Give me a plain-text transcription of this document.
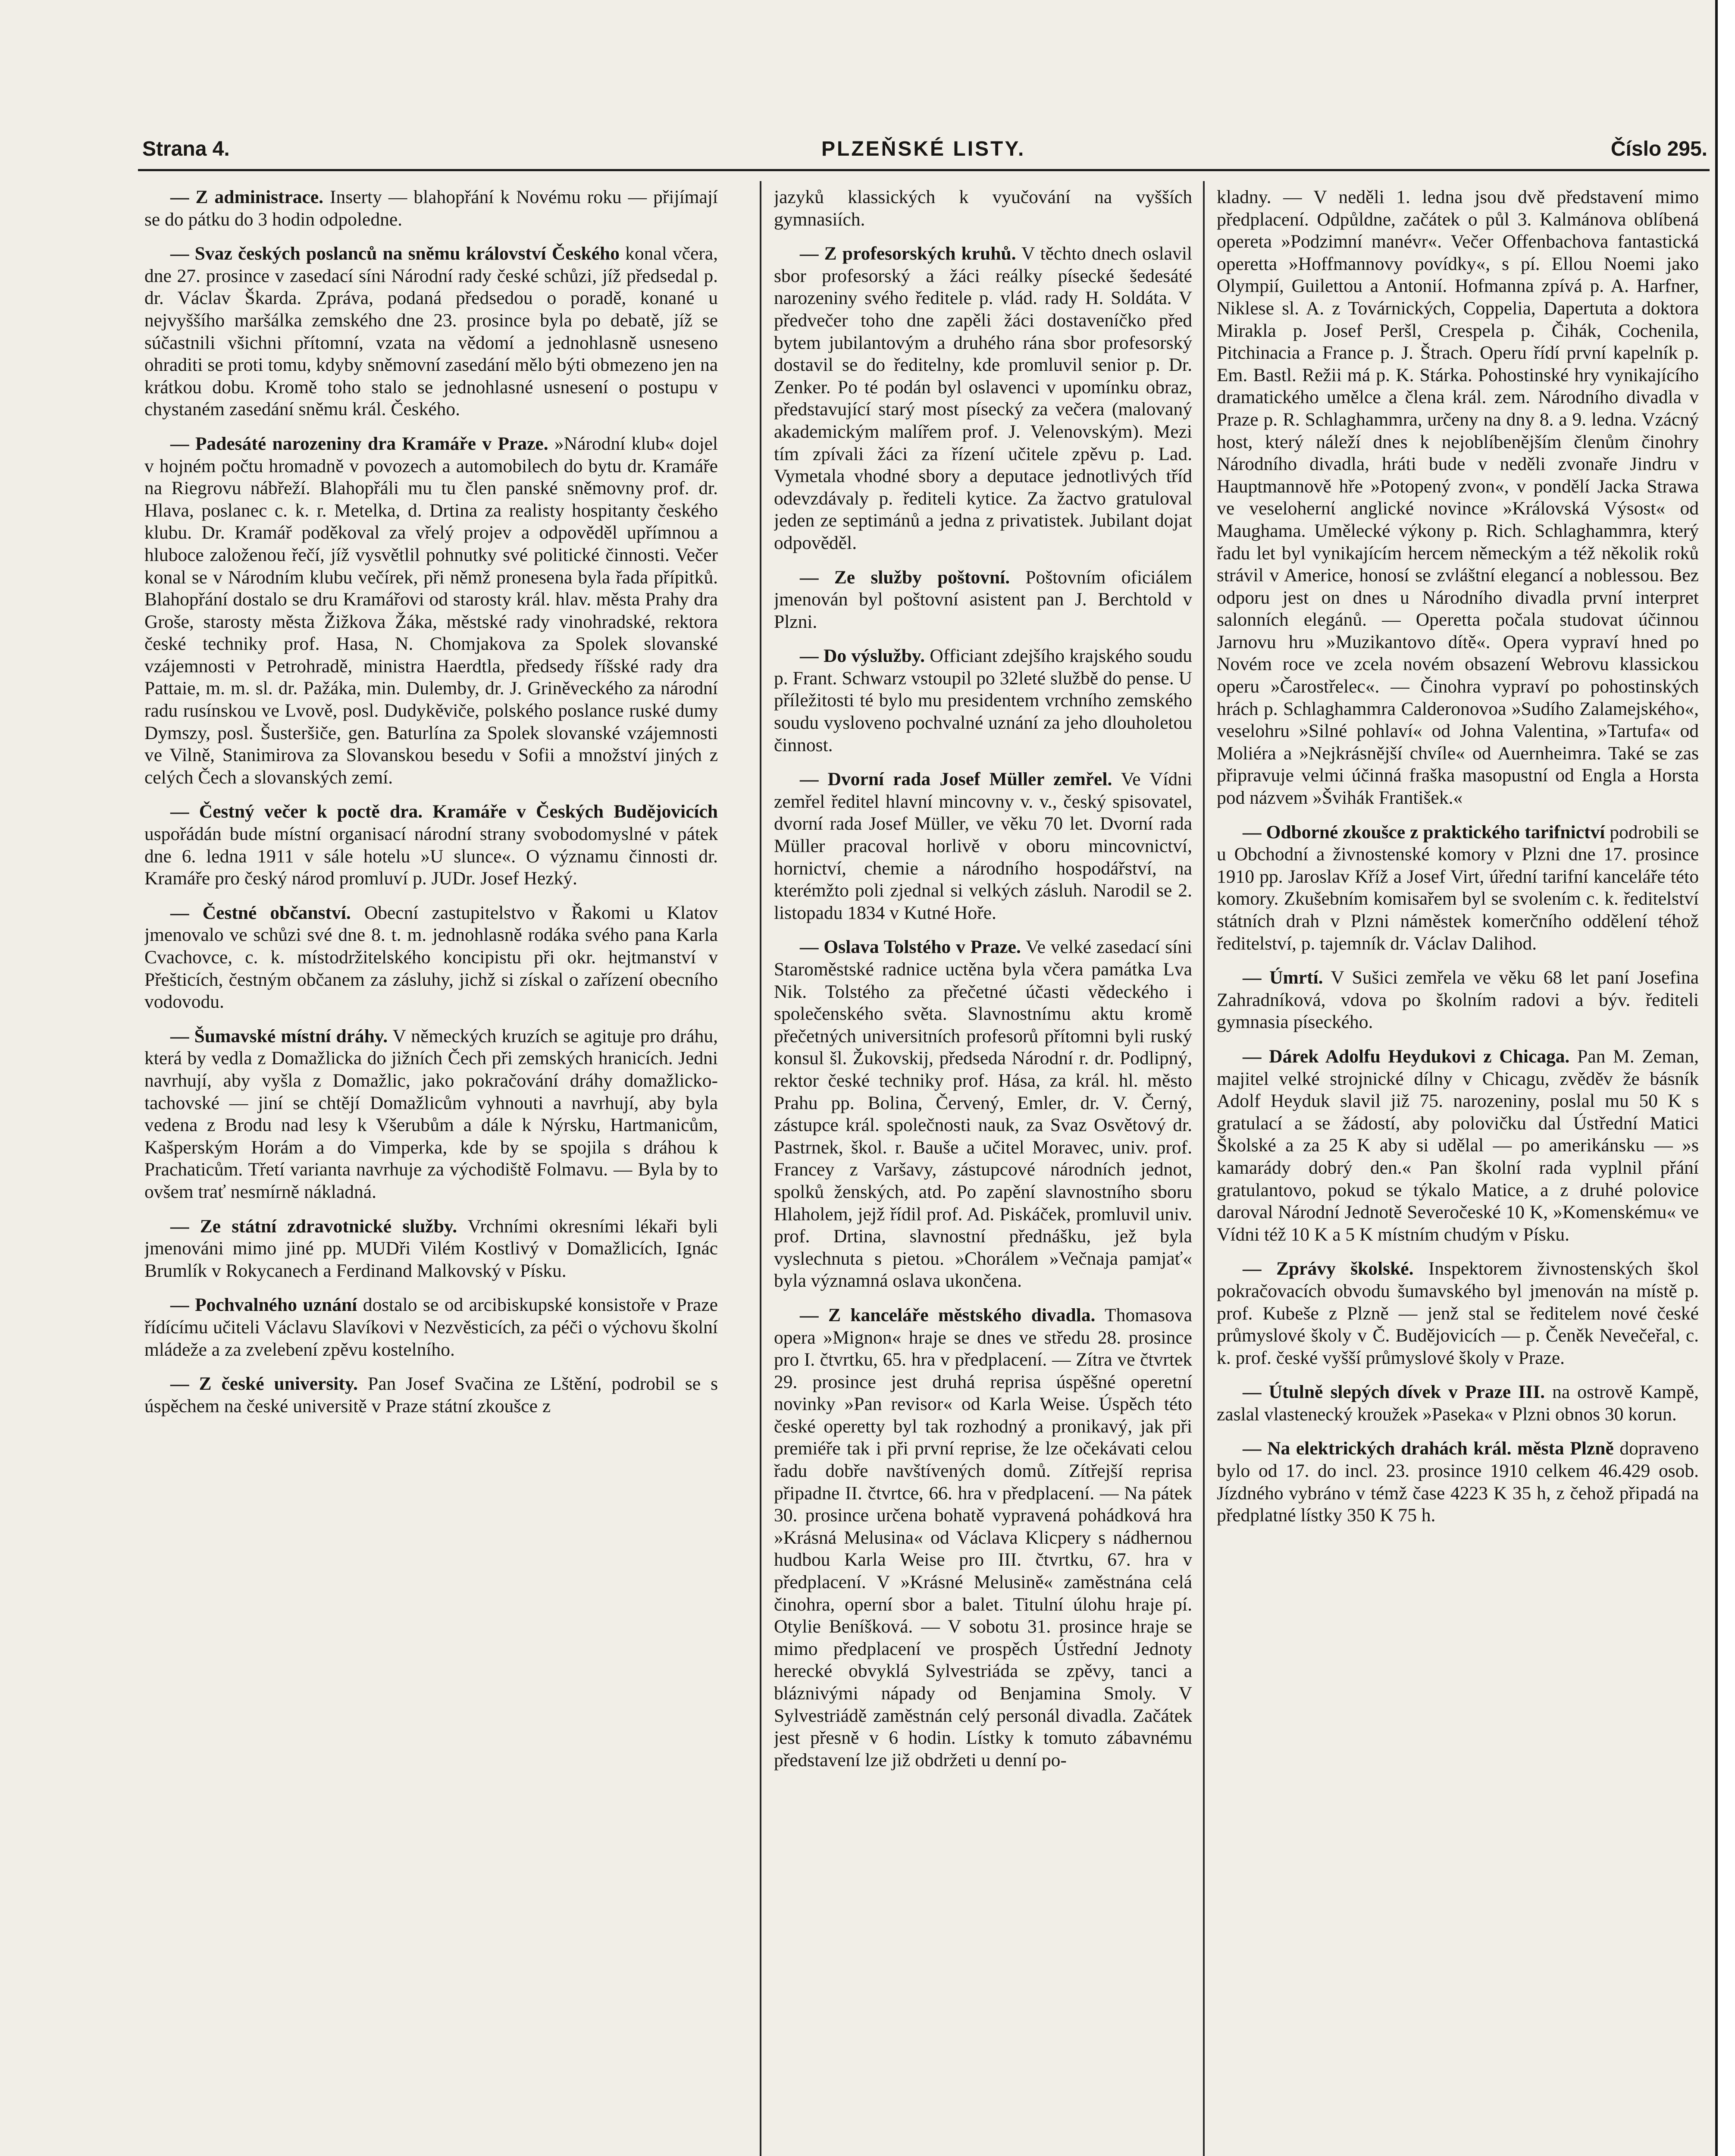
Strana 4.	PLZEŇSKÉ LISTY.	Číslo 295.

— Z administrace. Inserty — blahopřání k Novému roku — přijímají se do pátku do 3 hodin odpoledne.

— Svaz českých poslanců na sněmu království Českého konal včera, dne 27. prosince v zasedací síni Národní rady české schůzi, jíž předsedal p. dr. Václav Škarda. Zpráva, podaná předsedou o poradě, konané u nejvyššího maršálka zemského dne 23. prosince byla po debatě, jíž se súčastnili všichni přítomní, vzata na vědomí a jednohlasně usneseno ohraditi se proti tomu, kdyby sněmovní zasedání mělo býti obmezeno jen na krátkou dobu. Kromě toho stalo se jednohlasné usnesení o postupu v chystaném zasedání sněmu král. Českého.

— Padesáté narozeniny dra Kramáře v Praze. »Národní klub« dojel v hojném počtu hromadně v povozech a automobilech do bytu dr. Kramáře na Riegrovu nábřeží. Blahopřáli mu tu člen panské sněmovny prof. dr. Hlava, poslanec c. k. r. Metelka, d. Drtina za realisty hospitanty českého klubu. Dr. Kramář poděkoval za vřelý projev a odpověděl upřímnou a hluboce založenou řečí, jíž vysvětlil pohnutky své politické činnosti. Večer konal se v Národním klubu večírek, při němž pronesena byla řada přípitků. Blahopřání dostalo se dru Kramářovi od starosty král. hlav. města Prahy dra Groše, starosty města Žižkova Žáka, městské rady vinohradské, rektora české techniky prof. Hasa, N. Chomjakova za Spolek slovanské vzájemnosti v Petrohradě, ministra Haerdtla, předsedy říšské rady dra Pattaie, m. m. sl. dr. Pažáka, min. Dulemby, dr. J. Griněveckého za národní radu rusínskou ve Lvově, posl. Dudykěviče, polského poslance ruské dumy Dymszy, posl. Šusteršiče, gen. Baturlína za Spolek slovanské vzájemnosti ve Vilně, Stanimirova za Slovanskou besedu v Sofii a množství jiných z celých Čech a slovanských zemí.

— Čestný večer k poctě dra. Kramáře v Českých Budějovicích uspořádán bude místní organisací národní strany svobodomyslné v pátek dne 6. ledna 1911 v sále hotelu »U slunce«. O významu činnosti dr. Kramáře pro český národ promluví p. JUDr. Josef Hezký.

— Čestné občanství. Obecní zastupitelstvo v Řakomi u Klatov jmenovalo ve schůzi své dne 8. t. m. jednohlasně rodáka svého pana Karla Cvachovce, c. k. místodržitelského koncipistu při okr. hejtmanství v Přešticích, čestným občanem za zásluhy, jichž si získal o zařízení obecního vodovodu.

— Šumavské místní dráhy. V německých kruzích se agituje pro dráhu, která by vedla z Domažlicka do jižních Čech při zemských hranicích. Jedni navrhují, aby vyšla z Domažlic, jako pokračování dráhy domažlicko-tachovské — jiní se chtějí Domažlicům vyhnouti a navrhují, aby byla vedena z Brodu nad lesy k Všerubům a dále k Nýrsku, Hartmanicům, Kašperským Horám a do Vimperka, kde by se spojila s dráhou k Prachaticům. Třetí varianta navrhuje za východiště Folmavu. — Byla by to ovšem trať nesmírně nákladná.

— Ze státní zdravotnické služby. Vrchními okresními lékaři byli jmenováni mimo jiné pp. MUDři Vilém Kostlivý v Domažlicích, Ignác Brumlík v Rokycanech a Ferdinand Malkovský v Písku.

— Pochvalného uznání dostalo se od arcibiskupské konsistoře v Praze řídícímu učiteli Václavu Slavíkovi v Nezvěsticích, za péči o výchovu školní mládeže a za zvelebení zpěvu kostelního.

— Z české university. Pan Josef Svačina ze Lštění, podrobil se s úspěchem na české universitě v Praze státní zkoušce z

jazyků klassických k vyučování na vyšších gymnasiích.

— Z profesorských kruhů. V těchto dnech oslavil sbor profesorský a žáci reálky písecké šedesáté narozeniny svého ředitele p. vlád. rady H. Soldáta. V předvečer toho dne zapěli žáci dostaveníčko před bytem jubilantovým a druhého rána sbor profesorský dostavil se do ředitelny, kde promluvil senior p. Dr. Zenker. Po té podán byl oslavenci v upomínku obraz, představující starý most písecký za večera (malovaný akademickým malířem prof. J. Velenovským). Mezi tím zpívali žáci za řízení učitele zpěvu p. Lad. Vymetala vhodné sbory a deputace jednotlivých tříd odevzdávaly p. řediteli kytice. Za žactvo gratuloval jeden ze septimánů a jedna z privatistek. Jubilant dojat odpověděl.

— Ze služby poštovní. Poštovním oficiálem jmenován byl poštovní asistent pan J. Berchtold v Plzni.

— Do výslužby. Officiant zdejšího krajského soudu p. Frant. Schwarz vstoupil po 32leté službě do pense. U příležitosti té bylo mu presidentem vrchního zemského soudu vysloveno pochvalné uznání za jeho dlouholetou činnost.

— Dvorní rada Josef Müller zemřel. Ve Vídni zemřel ředitel hlavní mincovny v. v., český spisovatel, dvorní rada Josef Müller, ve věku 70 let. Dvorní rada Müller pracoval horlivě v oboru mincovnictví, hornictví, chemie a národního hospodářství, na kterémžto poli zjednal si velkých zásluh. Narodil se 2. listopadu 1834 v Kutné Hoře.

— Oslava Tolstého v Praze. Ve velké zasedací síni Staroměstské radnice uctěna byla včera památka Lva Nik. Tolstého za přečetné účasti vědeckého i společenského světa. Slavnostnímu aktu kromě přečetných universitních profesorů přítomni byli ruský konsul šl. Žukovskij, předseda Národní r. dr. Podlipný, rektor české techniky prof. Hása, za král. hl. město Prahu pp. Bolina, Červený, Emler, dr. V. Černý, zástupce král. společnosti nauk, za Svaz Osvětový dr. Pastrnek, škol. r. Bauše a učitel Moravec, univ. prof. Francey z Varšavy, zástupcové národních jednot, spolků ženských, atd. Po zapění slavnostního sboru Hlaholem, jejž řídil prof. Ad. Piskáček, promluvil univ. prof. Drtina, slavnostní přednášku, jež byla vyslechnuta s pietou. »Chorálem »Večnaja pamjať« byla významná oslava ukončena.

— Z kanceláře městského divadla. Thomasova opera »Mignon« hraje se dnes ve středu 28. prosince pro I. čtvrtku, 65. hra v předplacení. — Zítra ve čtvrtek 29. prosince jest druhá reprisa úspěšné operetní novinky »Pan revisor« od Karla Weise. Úspěch této české operetty byl tak rozhodný a pronikavý, jak při premiéře tak i při první reprise, že lze očekávati celou řadu dobře navštívených domů. Zítřejší reprisa připadne II. čtvrtce, 66. hra v předplacení. — Na pátek 30. prosince určena bohatě vypravená pohádková hra »Krásná Melusina« od Václava Klicpery s nádhernou hudbou Karla Weise pro III. čtvrtku, 67. hra v předplacení. V »Krásné Melusině« zaměstnána celá činohra, operní sbor a balet. Titulní úlohu hraje pí. Otylie Beníšková. — V sobotu 31. prosince hraje se mimo předplacení ve prospěch Ústřední Jednoty herecké obvyklá Sylvestriáda se zpěvy, tanci a bláznivými nápady od Benjamina Smoly. V Sylvestriádě zaměstnán celý personál divadla. Začátek jest přesně v 6 hodin. Lístky k tomuto zábavnému představení lze již obdržeti u denní po-

kladny. — V neděli 1. ledna jsou dvě představení mimo předplacení. Odpůldne, začátek o půl 3. Kalmánova oblíbená opereta »Podzimní manévr«. Večer Offenbachova fantastická operetta »Hoffmannovy povídky«, s pí. Ellou Noemi jako Olympií, Guilettou a Antonií. Hofmanna zpívá p. A. Harfner, Niklese sl. A. z Továrnických, Coppelia, Dapertuta a doktora Mirakla p. Josef Peršl, Crespela p. Čihák, Cochenila, Pitchinacia a France p. J. Štrach. Operu řídí první kapelník p. Em. Bastl. Režii má p. K. Stárka. Pohostinské hry vynikajícího dramatického umělce a člena král. zem. Národního divadla v Praze p. R. Schlaghammra, určeny na dny 8. a 9. ledna. Vzácný host, který náleží dnes k nejoblíbenějším členům činohry Národního divadla, hráti bude v neděli zvonaře Jindru v Hauptmannově hře »Potopený zvon«, v pondělí Jacka Strawa ve veselohernί anglické novince »Královská Výsost« od Maughama. Umělecké výkony p. Rich. Schlaghammra, který řadu let byl vynikajícím hercem německým a též několik roků strávil v Americe, honosí se zvláštní elegancí a noblessou. Bez odporu jest on dnes u Národního divadla první interpret salonních elegánů. — Operetta počala studovat účinnou Jarnovu hru »Muzikantovo dítě«. Opera vypraví hned po Novém roce ve zcela novém obsazení Webrovu klassickou operu »Čarostřelec«. — Činohra vypraví po pohostinských hrách p. Schlaghammra Calderonovoa »Sudího Zalamejského«, veselohru »Silné pohlaví« od Johna Valentina, »Tartufa« od Moliéra a »Nejkrásnější chvíle« od Auernheimra. Také se zas připravuje velmi účinná fraška masopustní od Engla a Horsta pod názvem »Švihák František.«

— Odborné zkoušce z praktického tarifnictví podrobili se u Obchodní a živnostenské komory v Plzni dne 17. prosince 1910 pp. Jaroslav Kříž a Josef Virt, úřední tarifní kanceláře této komory. Zkušebním komisařem byl se svolením c. k. ředitelství státních drah v Plzni náměstek komerčního oddělení téhož ředitelství, p. tajemník dr. Václav Dalihod.

— Úmrtí. V Sušici zemřela ve věku 68 let paní Josefina Zahradníková, vdova po školním radovi a býv. řediteli gymnasia píseckého.

— Dárek Adolfu Heydukovi z Chicaga. Pan M. Zeman, majitel velké strojnické dílny v Chicagu, zvěděv že básník Adolf Heyduk slavil již 75. narozeniny, poslal mu 50 K s gratulací a se žádostí, aby polovičku dal Ústřední Matici Školské a za 25 K aby si udělal — po amerikánsku — »s kamarády dobrý den.« Pan školní rada vyplnil přání gratulantovo, pokud se týkalo Matice, a z druhé polovice daroval Národní Jednotě Severočeské 10 K, »Komenskému« ve Vídni též 10 K a 5 K místním chudým v Písku.

— Zprávy školské. Inspektorem živnostenských škol pokračovacích obvodu šumavského byl jmenován na místě p. prof. Kubeše z Plzně — jenž stal se ředitelem nové české průmyslové školy v Č. Budějovicích — p. Čeněk Nevečeřal, c. k. prof. české vyšší průmyslové školy v Praze.

— Útulně slepých dívek v Praze III. na ostrově Kampě, zaslal vlastenecký kroužek »Paseka« v Plzni obnos 30 korun.

— Na elektrických drahách král. města Plzně dopraveno bylo od 17. do incl. 23. prosince 1910 celkem 46.429 osob. Jízdného vybráno v témž čase 4223 K 35 h, z čehož připadá na předplatné lístky 350 K 75 h.
